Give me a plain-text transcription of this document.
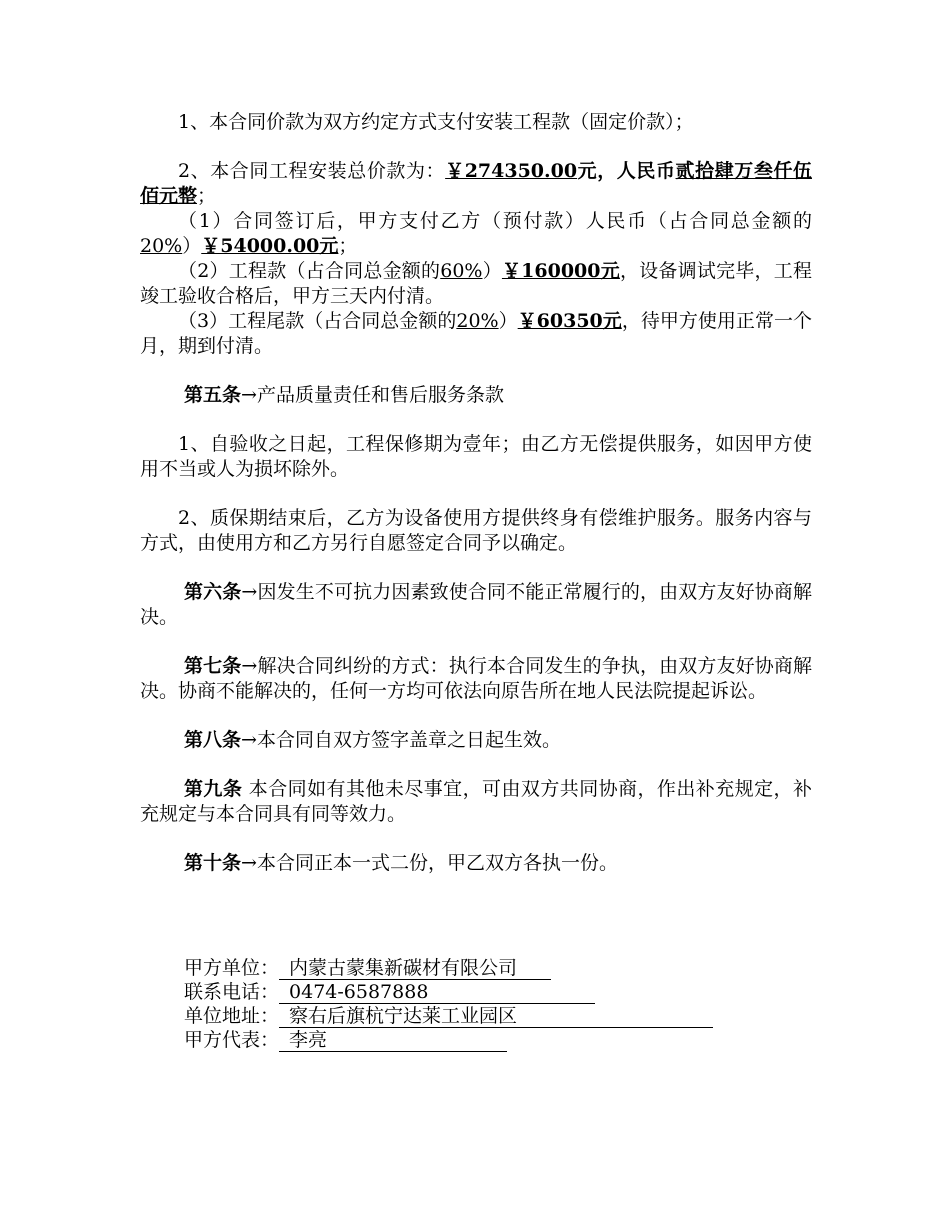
1、本合同价款为双方约定方式支付安装工程款（固定价款）；

2、本合同工程安装总价款为：￥274350.00元，人民币贰拾肆万叁仟伍佰元整；

（1）合同签订后，甲方支付乙方（预付款）人民币（占合同总金额的20%）￥54000.00元；

（2）工程款（占合同总金额的60%）￥160000元，设备调试完毕，工程竣工验收合格后，甲方三天内付清。

（3）工程尾款（占合同总金额的20%）￥60350元，待甲方使用正常一个月，期到付清。

第五条→产品质量责任和售后服务条款

1、自验收之日起，工程保修期为壹年；由乙方无偿提供服务，如因甲方使用不当或人为损坏除外。

2、质保期结束后，乙方为设备使用方提供终身有偿维护服务。服务内容与方式，由使用方和乙方另行自愿签定合同予以确定。

第六条→因发生不可抗力因素致使合同不能正常履行的，由双方友好协商解决。

第七条→解决合同纠纷的方式：执行本合同发生的争执，由双方友好协商解决。协商不能解决的，任何一方均可依法向原告所在地人民法院提起诉讼。

第八条→本合同自双方签字盖章之日起生效。

第九条 本合同如有其他未尽事宜，可由双方共同协商，作出补充规定，补充规定与本合同具有同等效力。

第十条→本合同正本一式二份，甲乙双方各执一份。

甲方单位： 内蒙古蒙集新碳材有限公司
联系电话： 0474-6587888
单位地址： 察右后旗杭宁达莱工业园区
甲方代表： 李亮
